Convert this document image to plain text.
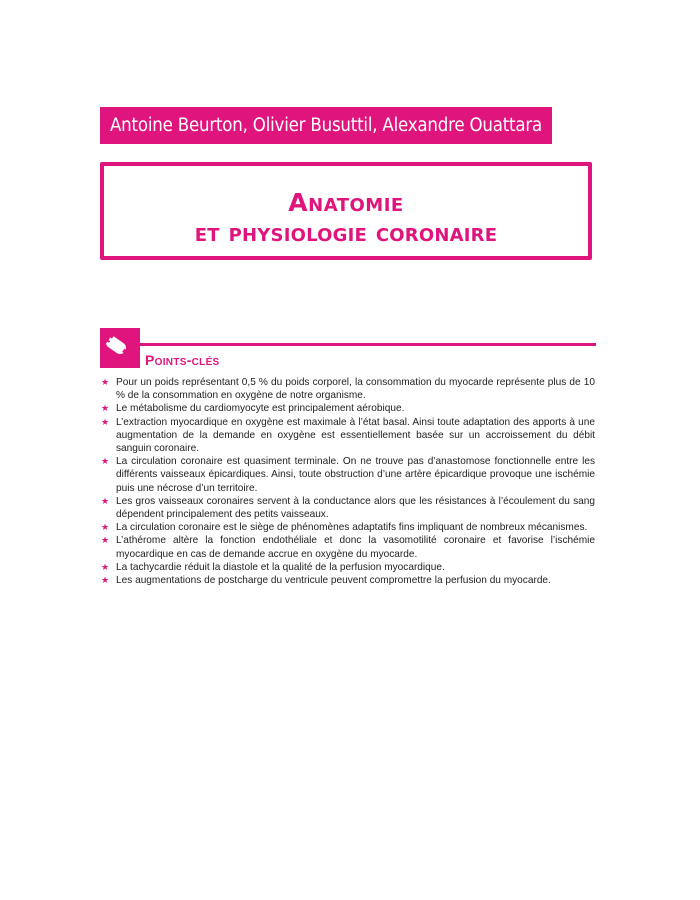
Antoine Beurton, Olivier Busuttil, Alexandre Ouattara
Anatomie
et physiologie coronaire
Points-clés
★ Pour un poids représentant 0,5 % du poids corporel, la consommation du myocarde représente plus de 10 % de la consommation en oxygène de notre organisme.
★ Le métabolisme du cardiomyocyte est principalement aérobique.
★ L’extraction myocardique en oxygène est maximale à l’état basal. Ainsi toute adaptation des apports à une augmentation de la demande en oxygène est essentiellement basée sur un accroissement du débit sanguin coronaire.
★ La circulation coronaire est quasiment terminale. On ne trouve pas d’anastomose fonctionnelle entre les différents vaisseaux épicardiques. Ainsi, toute obstruction d’une artère épicardique provoque une ischémie puis une nécrose d’un territoire.
★ Les gros vaisseaux coronaires servent à la conductance alors que les résistances à l’écoulement du sang dépendent principalement des petits vaisseaux.
★ La circulation coronaire est le siège de phénomènes adaptatifs fins impliquant de nombreux mécanismes.
★ L’athérome altère la fonction endothéliale et donc la vasomotilité coronaire et favorise l’ischémie myocardique en cas de demande accrue en oxygène du myocarde.
★ La tachycardie réduit la diastole et la qualité de la perfusion myocardique.
★ Les augmentations de postcharge du ventricule peuvent compromettre la perfusion du myocarde.
